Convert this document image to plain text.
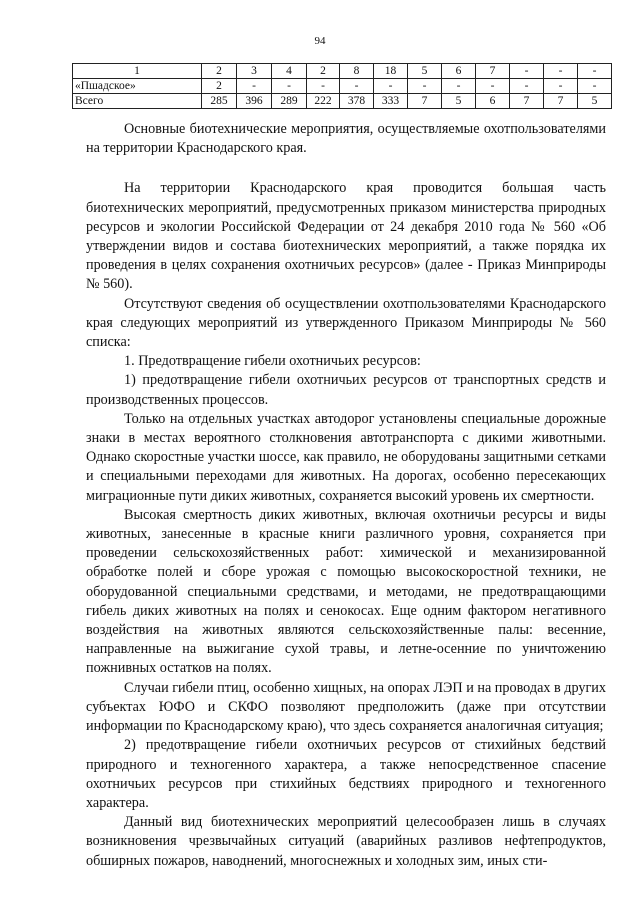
94
1	2	3	4	2	8	18	5	6	7	-	-	-
«Пшадское»	2	-	-	-	-	-	-	-	-	-	-	-
Всего	285	396	289	222	378	333	7	5	6	7	7	5

Основные биотехнические мероприятия, осуществляемые охотпользователями на территории Краснодарского края.

На территории Краснодарского края проводится большая часть биотехнических мероприятий, предусмотренных приказом министерства природных ресурсов и экологии Российской Федерации от 24 декабря 2010 года № 560 «Об утверждении видов и состава биотехнических мероприятий, а также порядка их проведения в целях сохранения охотничьих ресурсов» (далее - Приказ Минприроды № 560).

Отсутствуют сведения об осуществлении охотпользователями Краснодарского края следующих мероприятий из утвержденного Приказом Минприроды № 560 списка:

1. Предотвращение гибели охотничьих ресурсов:

1) предотвращение гибели охотничьих ресурсов от транспортных средств и производственных процессов.

Только на отдельных участках автодорог установлены специальные дорожные знаки в местах вероятного столкновения автотранспорта с дикими животными. Однако скоростные участки шоссе, как правило, не оборудованы защитными сетками и специальными переходами для животных. На дорогах, особенно пересекающих миграционные пути диких животных, сохраняется высокий уровень их смертности.

Высокая смертность диких животных, включая охотничьи ресурсы и виды животных, занесенные в красные книги различного уровня, сохраняется при проведении сельскохозяйственных работ: химической и механизированной обработке полей и сборе урожая с помощью высокоскоростной техники, не оборудованной специальными средствами, и методами, не предотвращающими гибель диких животных на полях и сенокосах. Еще одним фактором негативного воздействия на животных являются сельскохозяйственные палы: весенние, направленные на выжигание сухой травы, и летне-осенние по уничтожению пожнивных остатков на полях.

Случаи гибели птиц, особенно хищных, на опорах ЛЭП и на проводах в других субъектах ЮФО и СКФО позволяют предположить (даже при отсутствии информации по Краснодарскому краю), что здесь сохраняется аналогичная ситуация;

2) предотвращение гибели охотничьих ресурсов от стихийных бедствий природного и техногенного характера, а также непосредственное спасение охотничьих ресурсов при стихийных бедствиях природного и техногенного характера.

Данный вид биотехнических мероприятий целесообразен лишь в случаях возникновения чрезвычайных ситуаций (аварийных разливов нефтепродуктов, обширных пожаров, наводнений, многоснежных и холодных зим, иных сти-
